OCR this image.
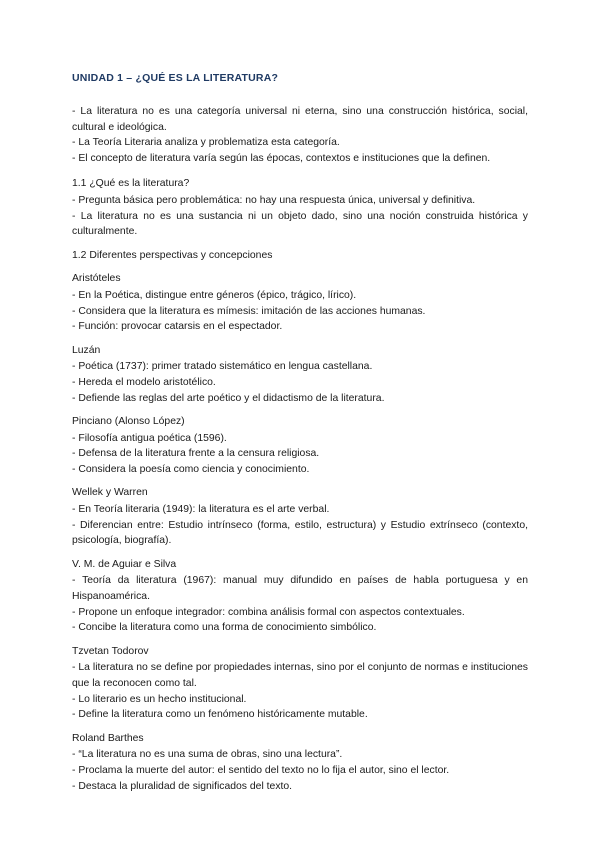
UNIDAD 1 – ¿QUÉ ES LA LITERATURA?

- La literatura no es una categoría universal ni eterna, sino una construcción histórica, social, cultural e ideológica.

- La Teoría Literaria analiza y problematiza esta categoría.

- El concepto de literatura varía según las épocas, contextos e instituciones que la definen.

1.1 ¿Qué es la literatura?

- Pregunta básica pero problemática: no hay una respuesta única, universal y definitiva.

- La literatura no es una sustancia ni un objeto dado, sino una noción construida histórica y culturalmente.

1.2 Diferentes perspectivas y concepciones

Aristóteles

- En la Poética, distingue entre géneros (épico, trágico, lírico).

- Considera que la literatura es mímesis: imitación de las acciones humanas.

- Función: provocar catarsis en el espectador.

Luzán

- Poética (1737): primer tratado sistemático en lengua castellana.

- Hereda el modelo aristotélico.

- Defiende las reglas del arte poético y el didactismo de la literatura.

Pinciano (Alonso López)

- Filosofía antigua poética (1596).

- Defensa de la literatura frente a la censura religiosa.

- Considera la poesía como ciencia y conocimiento.

Wellek y Warren

- En Teoría literaria (1949): la literatura es el arte verbal.

- Diferencian entre: Estudio intrínseco (forma, estilo, estructura) y Estudio extrínseco (contexto, psicología, biografía).

V. M. de Aguiar e Silva

- Teoría da literatura (1967): manual muy difundido en países de habla portuguesa y en Hispanoamérica.

- Propone un enfoque integrador: combina análisis formal con aspectos contextuales.

- Concibe la literatura como una forma de conocimiento simbólico.

Tzvetan Todorov

- La literatura no se define por propiedades internas, sino por el conjunto de normas e instituciones que la reconocen como tal.

- Lo literario es un hecho institucional.

- Define la literatura como un fenómeno históricamente mutable.

Roland Barthes

- “La literatura no es una suma de obras, sino una lectura”.

- Proclama la muerte del autor: el sentido del texto no lo fija el autor, sino el lector.

- Destaca la pluralidad de significados del texto.
